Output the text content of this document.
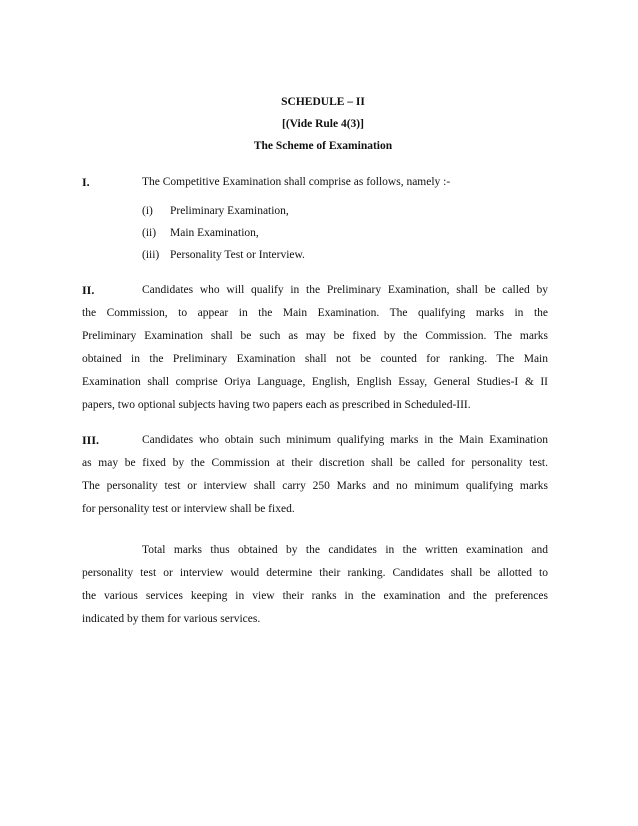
SCHEDULE – II
[(Vide Rule 4(3)]
The Scheme of Examination
I.	The Competitive Examination shall comprise as follows, namely :-
(i) Preliminary Examination,
(ii) Main Examination,
(iii) Personality Test or Interview.
II.	Candidates who will qualify in the Preliminary Examination, shall be called by
the Commission, to appear in the Main Examination. The qualifying marks in the
Preliminary Examination shall be such as may be fixed by the Commission. The marks
obtained in the Preliminary Examination shall not be counted for ranking. The Main
Examination shall comprise Oriya Language, English, English Essay, General Studies-I & II
papers, two optional subjects having two papers each as prescribed in Scheduled-III.
III.	Candidates who obtain such minimum qualifying marks in the Main Examination
as may be fixed by the Commission at their discretion shall be called for personality test.
The personality test or interview shall carry 250 Marks and no minimum qualifying marks
for personality test or interview shall be fixed.
Total marks thus obtained by the candidates in the written examination and
personality test or interview would determine their ranking. Candidates shall be allotted to
the various services keeping in view their ranks in the examination and the preferences
indicated by them for various services.
